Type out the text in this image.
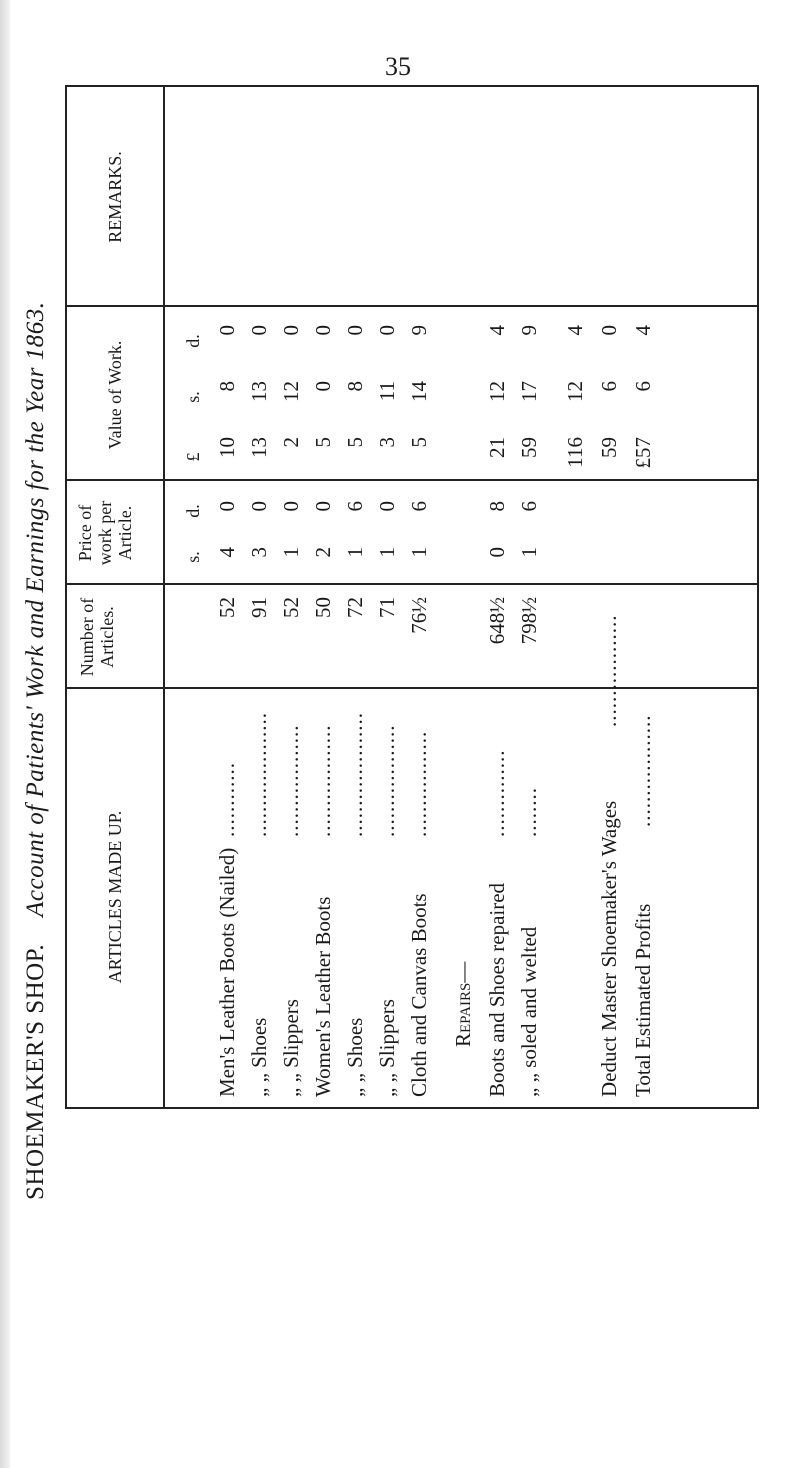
35
SHOEMAKER'S SHOP.    Account of Patients' Work and Earnings for the Year 1863.	ARTICLES MADE UP.
Number of Articles.
Price of work per Article.
Value of Work.
REMARKS.
s.
d.
£
s.
d.
Men's Leather Boots (Nailed)
............
52
4
0
10
8
0
„ „ Shoes
....................
91
3
0
13
13
0
„ „ Slippers
..................
52
1
0
2
12
0
Women's Leather Boots
..................
50
2
0
5
0
0
„ „ Shoes
....................
72
1
6
5
8
0
„ „ Slippers
..................
71
1
0
3
11
0
Cloth and Canvas Boots
.................
76½
1
6
5
14
9
Repairs— Boots and Shoes repaired
..............
648½
0
8
21
12
4
„ „ soled and welted
........
798½
1
6
59
17
9
116
12
4
Deduct Master Shoemaker's Wages
..................
59
6
0
Total Estimated Profits
..................
£57
6
4
